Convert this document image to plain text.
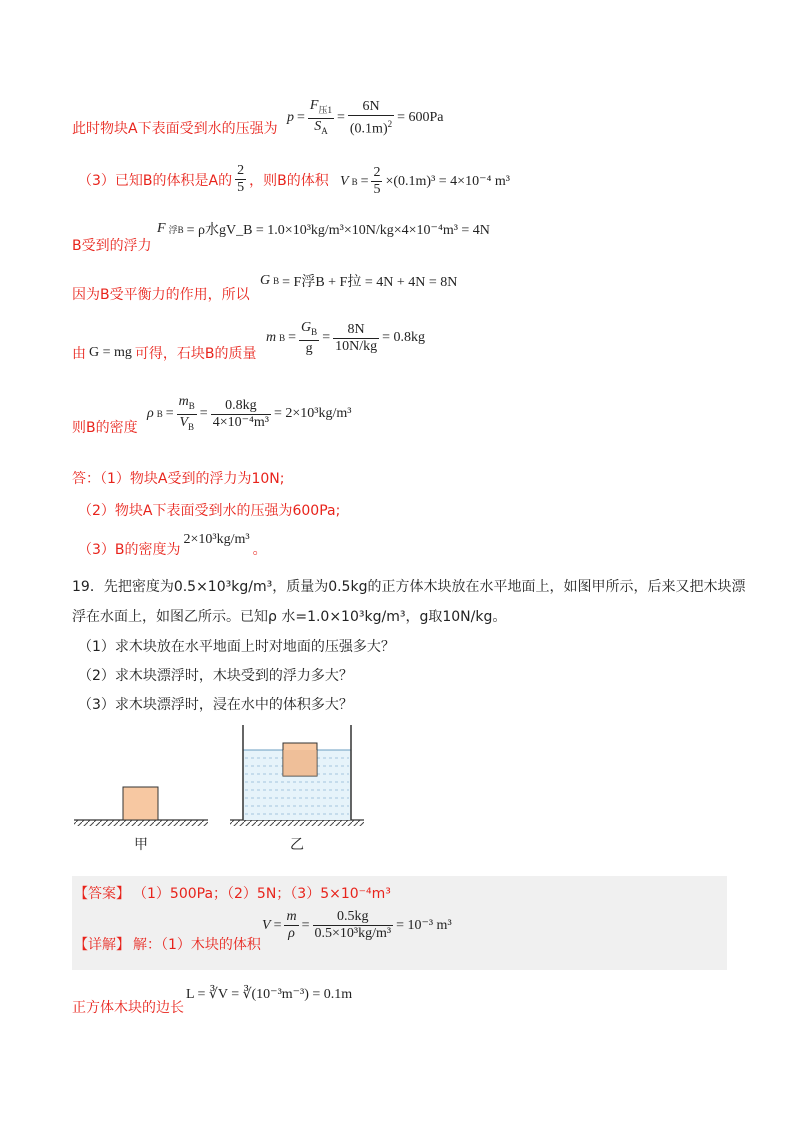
此时物块A下表面受到水的压强为
$p = \frac{F_{压1}}{S_A} = \frac{6N}{(0.1m)^2} = 600Pa$
（3）已知B的体积是A的 $\frac{2}{5}$ ，则B的体积 V $B = \frac{2}{5} \times(0.1m)^3 = 4\times 10^{-4}$ m³
F 浮B = ρ水gV_B = 1.0×10³kg/m³×10N/kg×4×10⁻⁴m³ = 4N
B受到的浮力
因为B受平衡力的作用，所以
G B = F浮B + F拉 = 4N + 4N = 8N
由 G = mg 可得，石块B的质量
m $B = \frac{G_B}{g} = \frac{8N}{10N/kg} = 0.8kg$
ρ $B = \frac{m_B}{V_B} = \frac{0.8kg}{\text{4×10⁻⁴m³}} = 2\times 10^3kg/m^3$
则B的密度
答：（1）物块A受到的浮力为10N;
（2）物块A下表面受到水的压强为600Pa;
（3）B的密度为
2×10³kg/m³
。
19．先把密度为0.5×10³kg/m³，质量为0.5kg的正方体木块放在水平地面上，如图甲所示，后来又把木块漂
浮在水面上，如图乙所示。已知ρ 水=1.0×10³kg/m³，g取10N/kg。
（1）求木块放在水平地面上时对地面的压强多大？
（2）求木块漂浮时，木块受到的浮力多大？
（3）求木块漂浮时，浸在水中的体积多大？
甲	乙
【答案】 （1）500Pa；（2）5N；（3）5×10⁻⁴m³
【详解】 解：（1）木块的体积
$V = \frac{m}{\rho} = \frac{0.5kg}{\text{0.5×10³kg/m³}} = 10^{-3}$ m³
正方体木块的边长
L = ∛V = ∛(10⁻³m⁻³) = 0.1m
